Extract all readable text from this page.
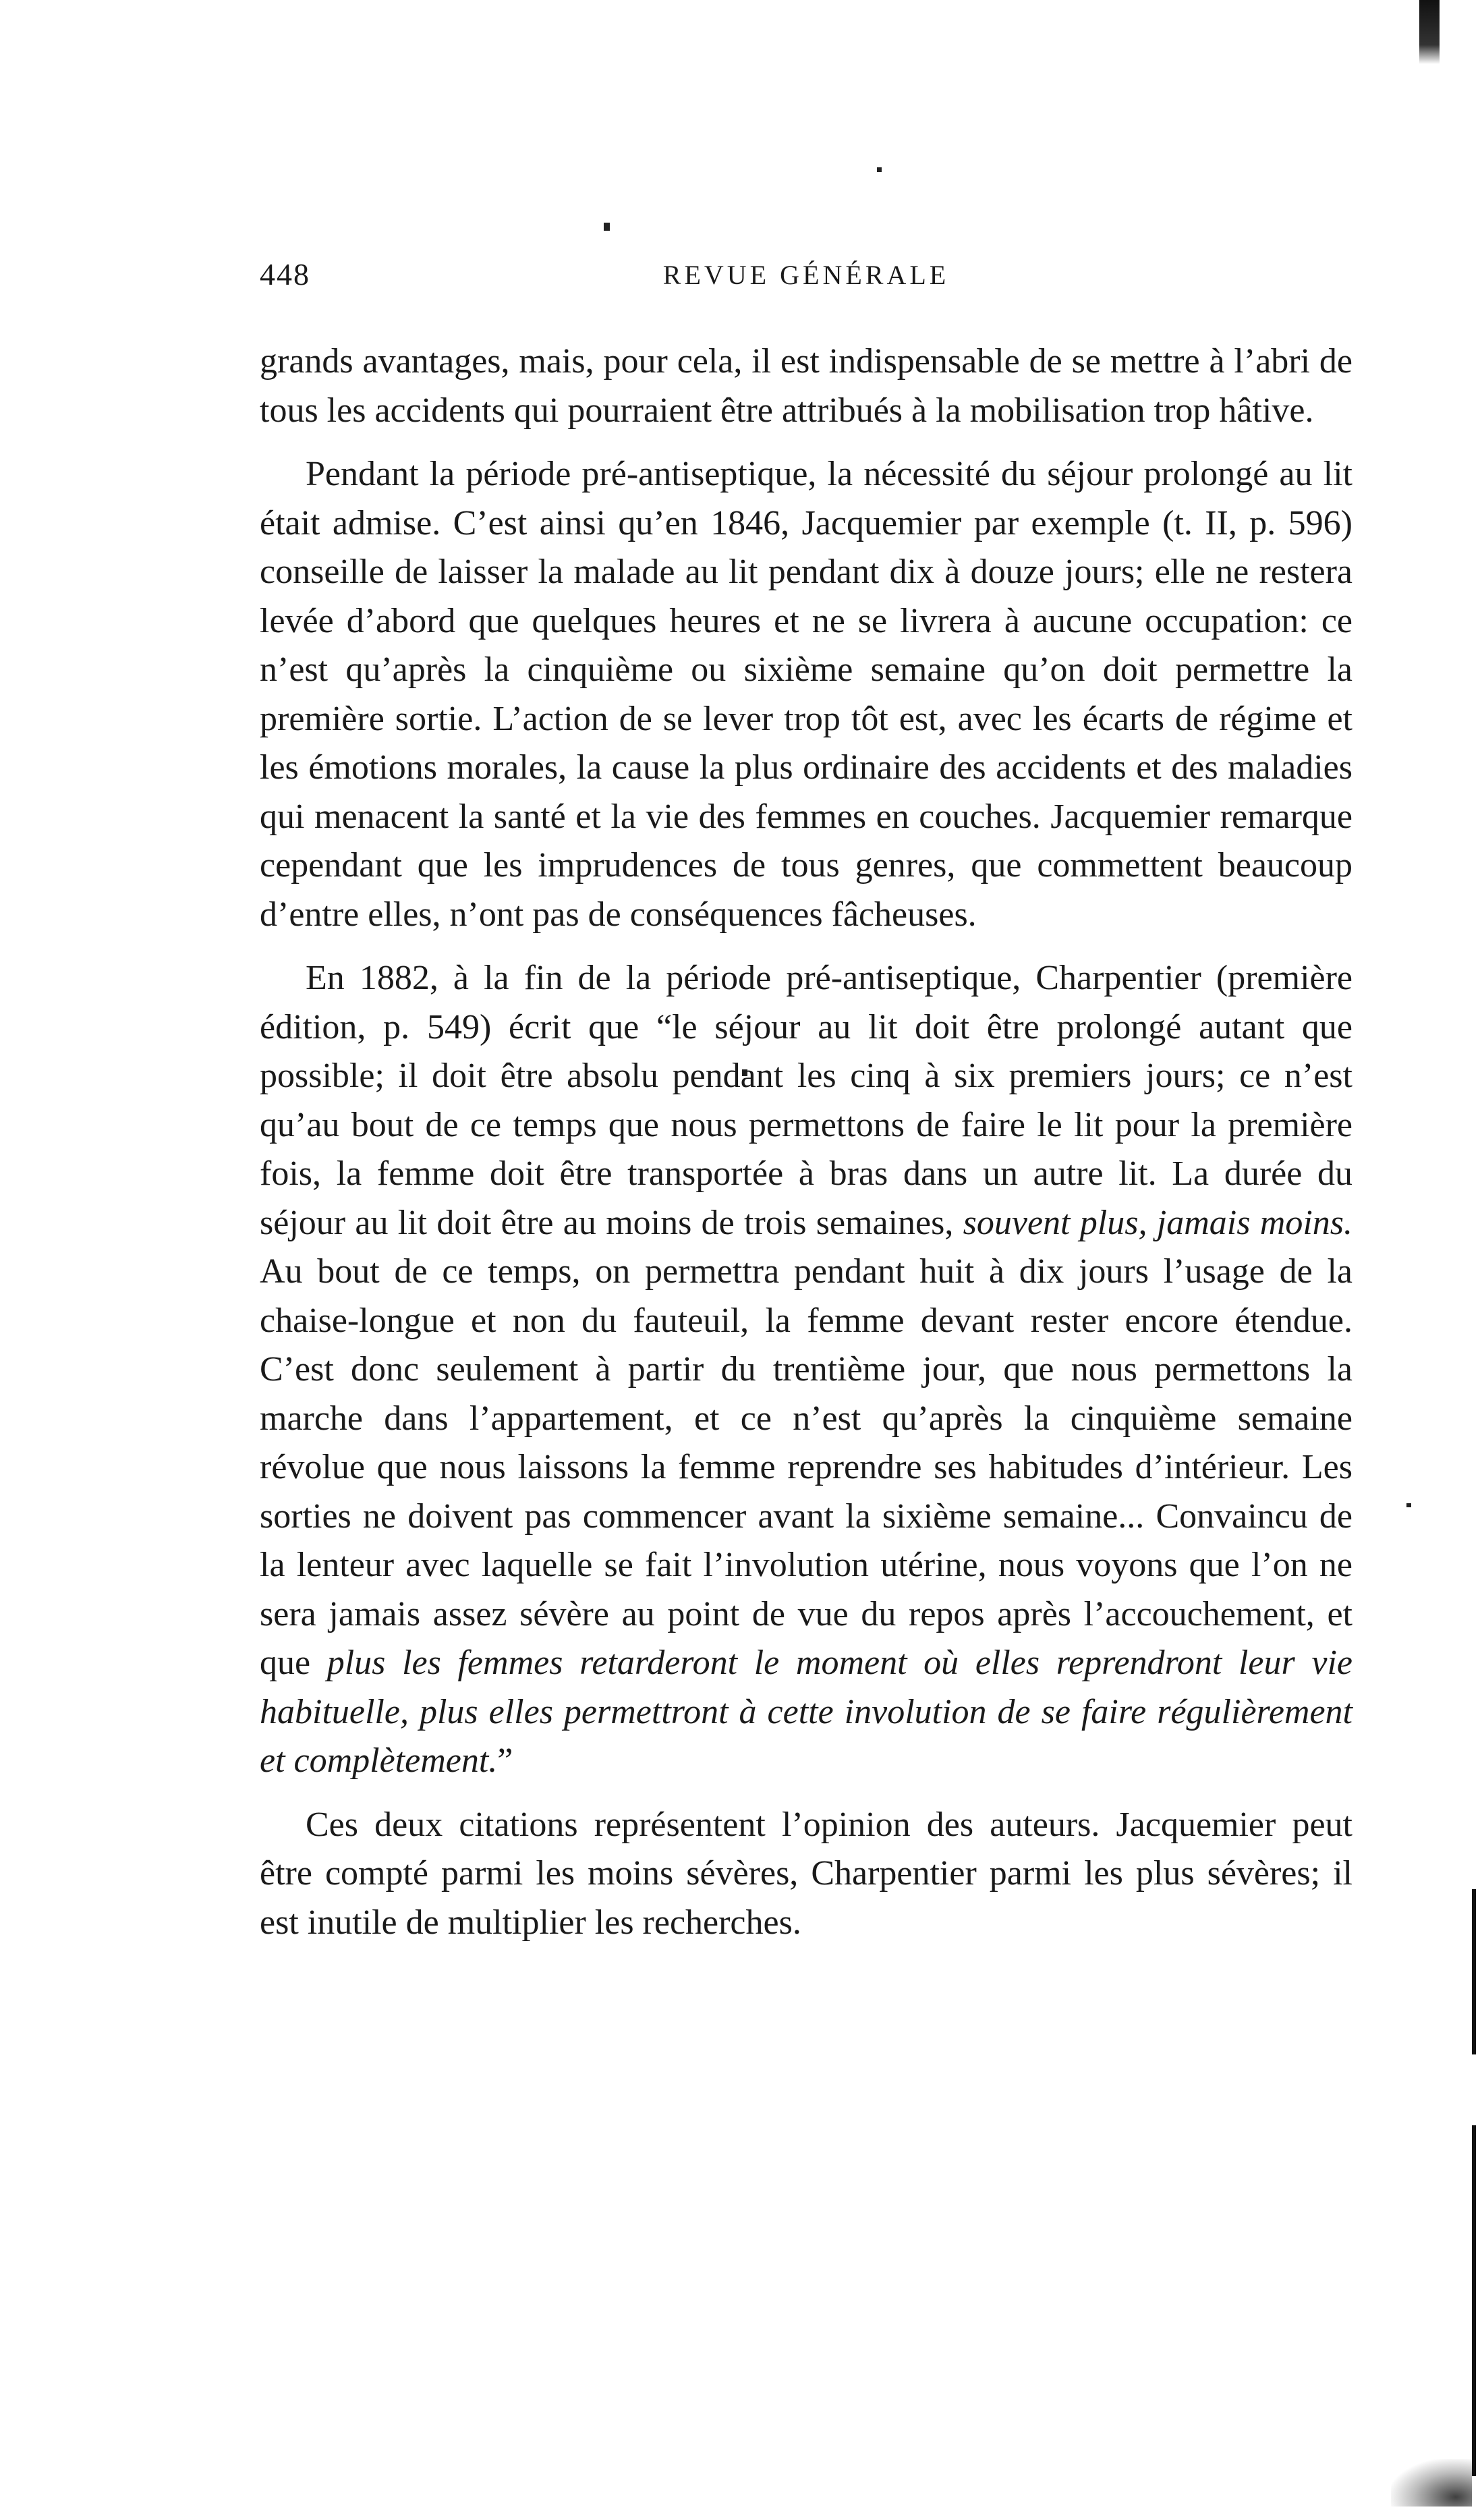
448	REVUE GÉNÉRALE

grands avantages, mais, pour cela, il est indispensable de se mettre à l’abri de tous les accidents qui pourraient être attribués à la mobilisation trop hâtive.

Pendant la période pré-antiseptique, la nécessité du séjour prolongé au lit était admise. C’est ainsi qu’en 1846, Jacquemier par exemple (t. II, p. 596) conseille de laisser la malade au lit pendant dix à douze jours; elle ne restera levée d’abord que quelques heures et ne se livrera à aucune occupation: ce n’est qu’après la cinquième ou sixième semaine qu’on doit permettre la première sortie. L’action de se lever trop tôt est, avec les écarts de régime et les émotions morales, la cause la plus ordinaire des accidents et des maladies qui menacent la santé et la vie des femmes en couches. Jacquemier remarque cependant que les imprudences de tous genres, que commettent beaucoup d’entre elles, n’ont pas de conséquences fâcheuses.

En 1882, à la fin de la période pré-antiseptique, Charpentier (première édition, p. 549) écrit que “le séjour au lit doit être prolongé autant que possible; il doit être absolu pendant les cinq à six premiers jours; ce n’est qu’au bout de ce temps que nous permettons de faire le lit pour la première fois, la femme doit être transportée à bras dans un autre lit. La durée du séjour au lit doit être au moins de trois semaines, souvent plus, jamais moins. Au bout de ce temps, on permettra pendant huit à dix jours l’usage de la chaise-longue et non du fauteuil, la femme devant rester encore étendue. C’est donc seulement à partir du trentième jour, que nous permettons la marche dans l’appartement, et ce n’est qu’après la cinquième semaine révolue que nous laissons la femme reprendre ses habitudes d’intérieur. Les sorties ne doivent pas commencer avant la sixième semaine... Convaincu de la lenteur avec laquelle se fait l’involution utérine, nous voyons que l’on ne sera jamais assez sévère au point de vue du repos après l’accouchement, et que plus les femmes retarderont le moment où elles reprendront leur vie habituelle, plus elles permettront à cette involution de se faire régulièrement et complètement.”

Ces deux citations représentent l’opinion des auteurs. Jacquemier peut être compté parmi les moins sévères, Charpentier parmi les plus sévères; il est inutile de multiplier les recherches.
